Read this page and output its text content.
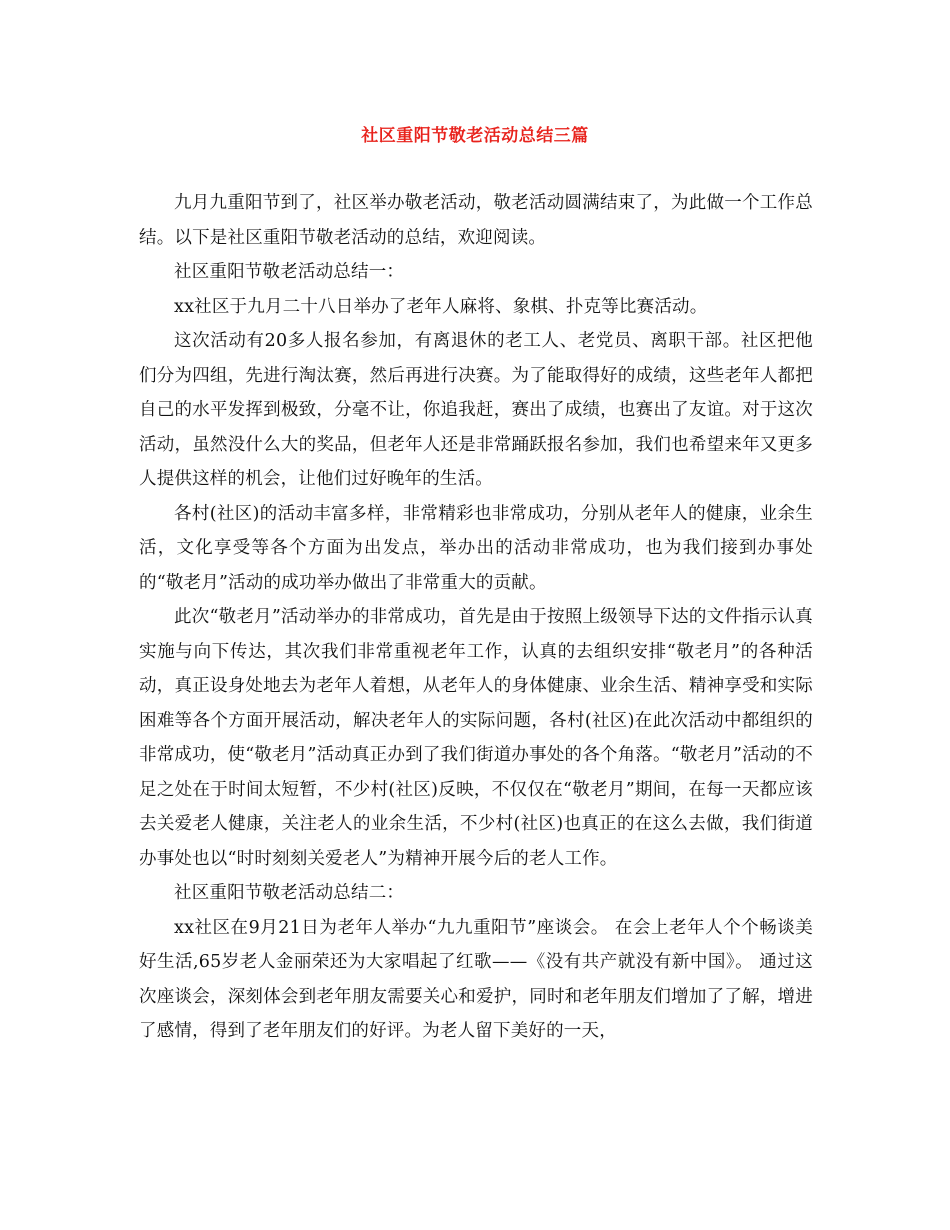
社区重阳节敬老活动总结三篇

九月九重阳节到了，社区举办敬老活动，敬老活动圆满结束了，为此做一个工作总结。以下是社区重阳节敬老活动的总结，欢迎阅读。

社区重阳节敬老活动总结一：

xx社区于九月二十八日举办了老年人麻将、象棋、扑克等比赛活动。

这次活动有20多人报名参加，有离退休的老工人、老党员、离职干部。社区把他们分为四组，先进行淘汰赛，然后再进行决赛。为了能取得好的成绩，这些老年人都把自己的水平发挥到极致，分毫不让，你追我赶，赛出了成绩，也赛出了友谊。对于这次活动，虽然没什么大的奖品，但老年人还是非常踊跃报名参加，我们也希望来年又更多人提供这样的机会，让他们过好晚年的生活。

各村(社区)的活动丰富多样，非常精彩也非常成功，分别从老年人的健康，业余生活，文化享受等各个方面为出发点，举办出的活动非常成功，也为我们接到办事处的“敬老月”活动的成功举办做出了非常重大的贡献。

此次“敬老月”活动举办的非常成功，首先是由于按照上级领导下达的文件指示认真实施与向下传达，其次我们非常重视老年工作，认真的去组织安排“敬老月”的各种活动，真正设身处地去为老年人着想，从老年人的身体健康、业余生活、精神享受和实际困难等各个方面开展活动，解决老年人的实际问题，各村(社区)在此次活动中都组织的非常成功，使“敬老月”活动真正办到了我们街道办事处的各个角落。“敬老月”活动的不足之处在于时间太短暂，不少村(社区)反映，不仅仅在“敬老月”期间，在每一天都应该去关爱老人健康，关注老人的业余生活，不少村(社区)也真正的在这么去做，我们街道办事处也以“时时刻刻关爱老人”为精神开展今后的老人工作。

社区重阳节敬老活动总结二：

xx社区在9月21日为老年人举办“九九重阳节”座谈会。 在会上老年人个个畅谈美好生活,65岁老人金丽荣还为大家唱起了红歌——《没有共产就没有新中国》。 通过这次座谈会，深刻体会到老年朋友需要关心和爱护，同时和老年朋友们增加了了解，增进了感情，得到了老年朋友们的好评。为老人留下美好的一天，
